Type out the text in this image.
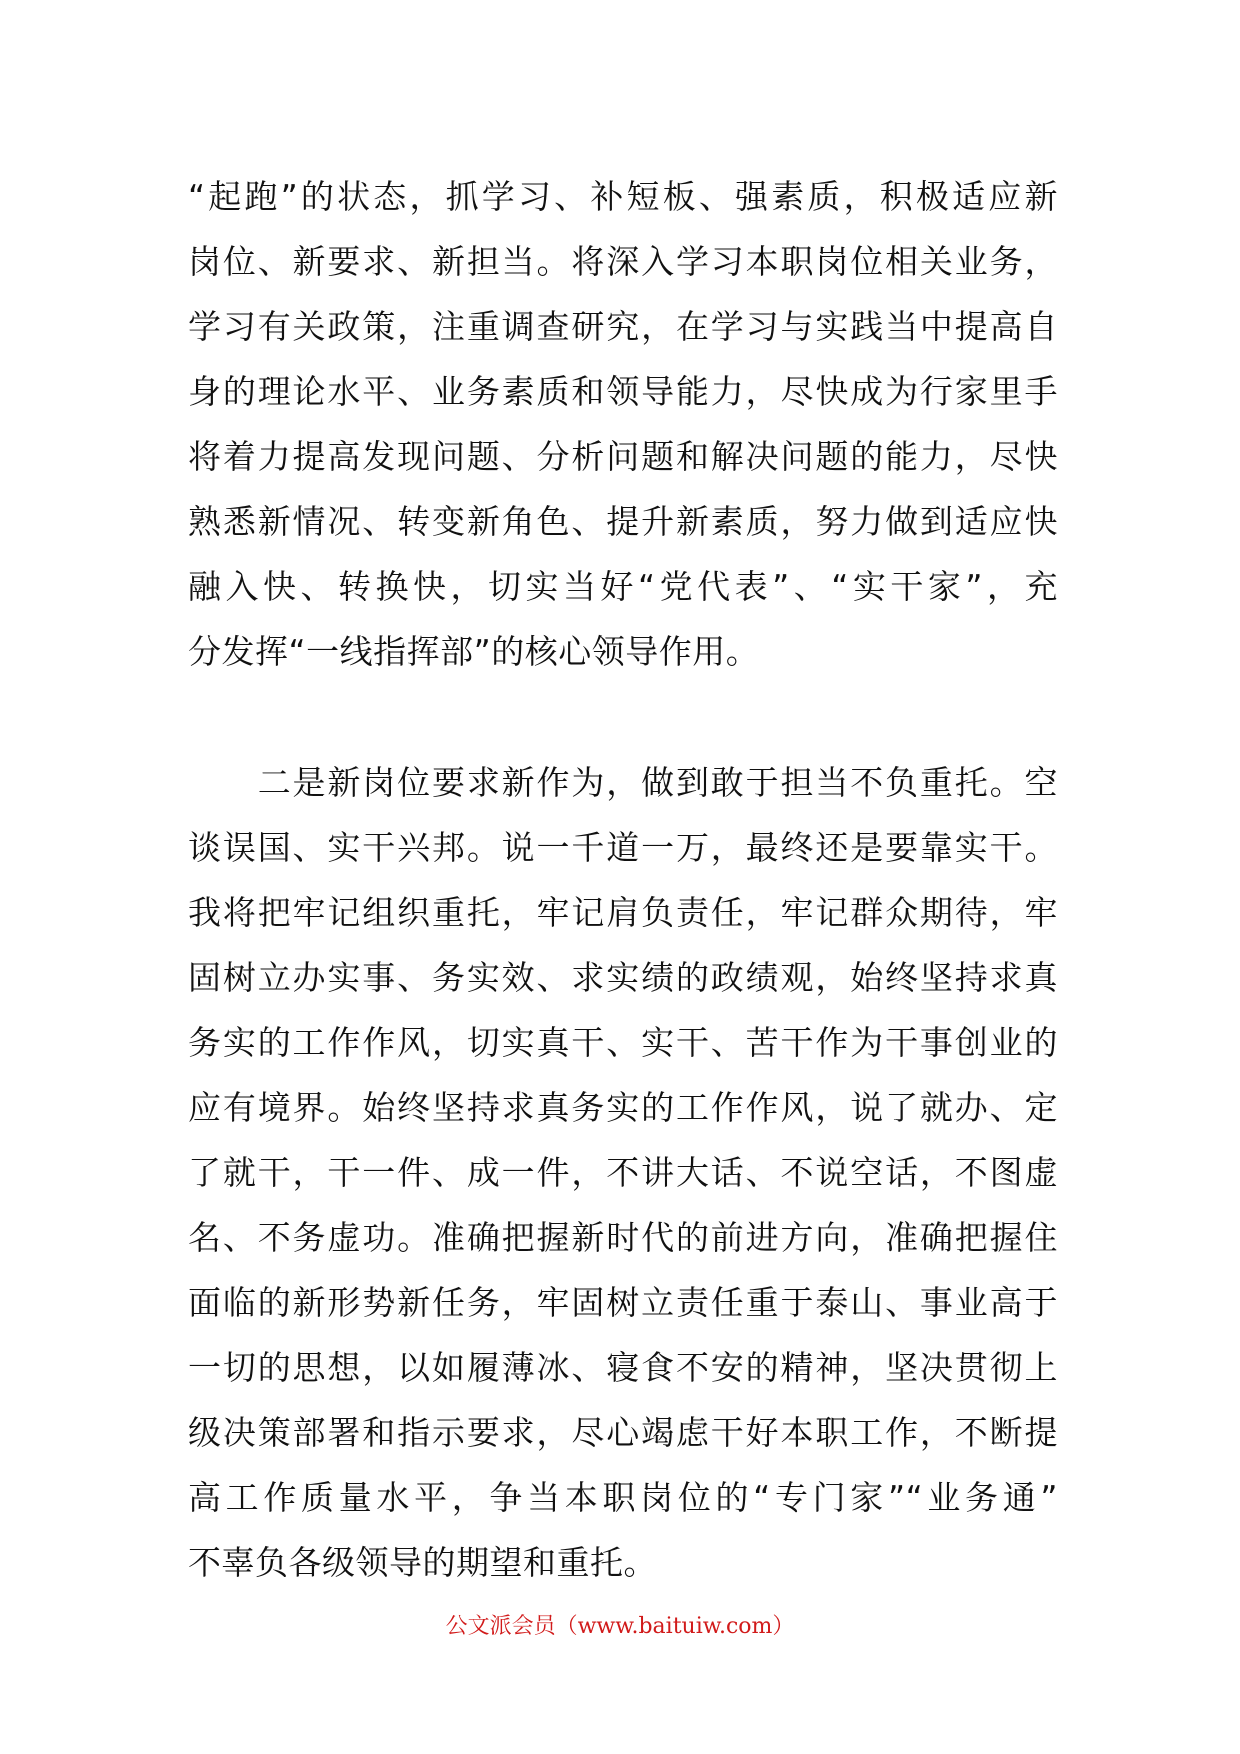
“起跑”的状态，抓学习、补短板、强素质，积极适应新
岗位、新要求、新担当。将深入学习本职岗位相关业务，
学习有关政策，注重调查研究，在学习与实践当中提高自
身的理论水平、业务素质和领导能力，尽快成为行家里手
将着力提高发现问题、分析问题和解决问题的能力，尽快
熟悉新情况、转变新角色、提升新素质，努力做到适应快
融入快、转换快，切实当好“党代表”、“实干家”，充
分发挥“一线指挥部”的核心领导作用。
　　二是新岗位要求新作为，做到敢于担当不负重托。空
谈误国、实干兴邦。说一千道一万，最终还是要靠实干。
我将把牢记组织重托，牢记肩负责任，牢记群众期待，牢
固树立办实事、务实效、求实绩的政绩观，始终坚持求真
务实的工作作风，切实真干、实干、苦干作为干事创业的
应有境界。始终坚持求真务实的工作作风，说了就办、定
了就干，干一件、成一件，不讲大话、不说空话，不图虚
名、不务虚功。准确把握新时代的前进方向，准确把握住
面临的新形势新任务，牢固树立责任重于泰山、事业高于
一切的思想，以如履薄冰、寝食不安的精神，坚决贯彻上
级决策部署和指示要求，尽心竭虑干好本职工作，不断提
高工作质量水平，争当本职岗位的“专门家”“业务通”
不辜负各级领导的期望和重托。
公文派会员（www.baituiw.com）
